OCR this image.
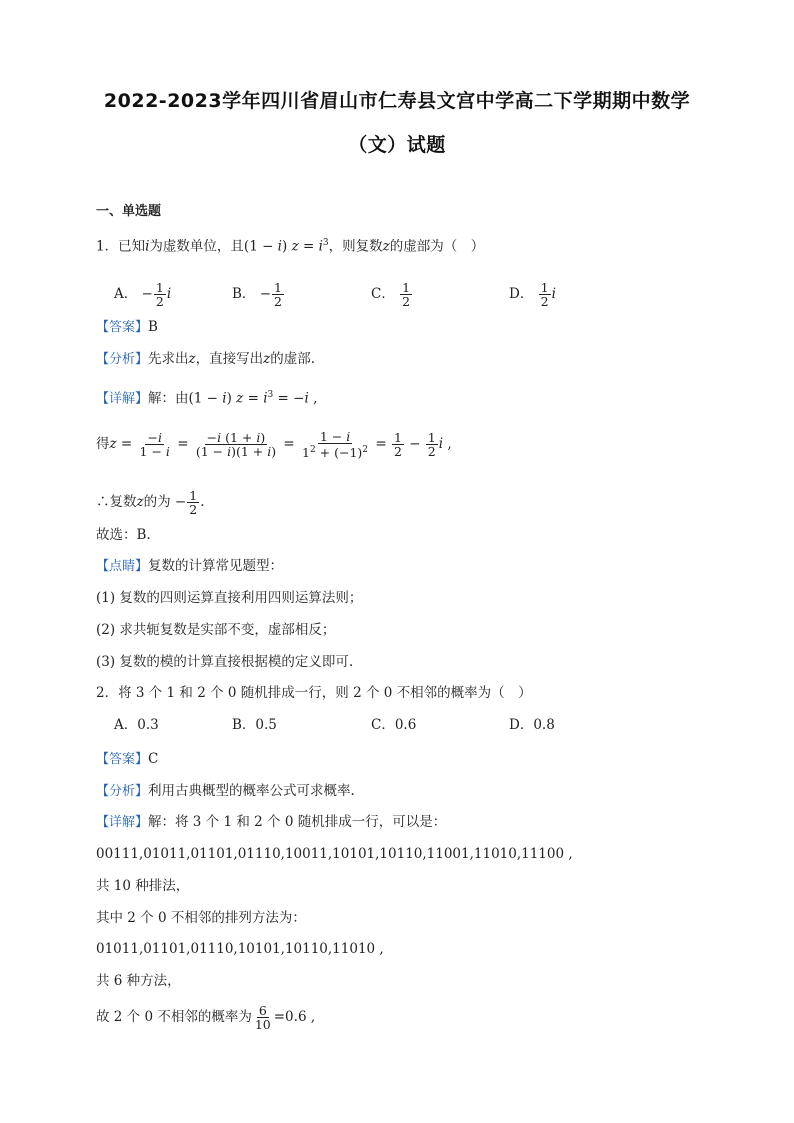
2022-2023学年四川省眉山市仁寿县文宫中学高二下学期期中数学
（文）试题
一、单选题
1．已知i为虚数单位，且(1 − i) $z = i^3$，则复数z的虚部为（　）
A． − $\frac{1}{2}$ i	B． − $\frac{1}{2}$	C． $\frac{1}{2}$	D． $\frac{1}{2}$ i
【答案】B
【分析】先求出z，直接写出z的虚部.
【详解】解：由(1 − i) $z = i^3 = -i$ ,
得$z = \frac{-i}{1 - i} = \frac{-i (1 + i)}{(1 - i)(1 + i)} = \frac{1 - i}{1^2 + (-1)^2} = \frac{1}{2} - \frac{1}{2}$ i ,
∴复数z的为 − $\frac{1}{2}$ .
故选：B.
【点睛】复数的计算常见题型：
(1) 复数的四则运算直接利用四则运算法则；
(2) 求共轭复数是实部不变，虚部相反；
(3) 复数的模的计算直接根据模的定义即可.
2．将 3 个 1 和 2 个 0 随机排成一行，则 2 个 0 不相邻的概率为（　）
A．0.3	B．0.5	C．0.6	D．0.8
【答案】C
【分析】利用古典概型的概率公式可求概率.
【详解】解：将 3 个 1 和 2 个 0 随机排成一行，可以是：
00111,01011,01101,01110,10011,10101,10110,11001,11010,11100 ,
共 10 种排法，
其中 2 个 0 不相邻的排列方法为：
01011,01101,01110,10101,10110,11010 ,
共 6 种方法，
故 2 个 0 不相邻的概率为 $\frac{6}{10} =0.6$ ,
